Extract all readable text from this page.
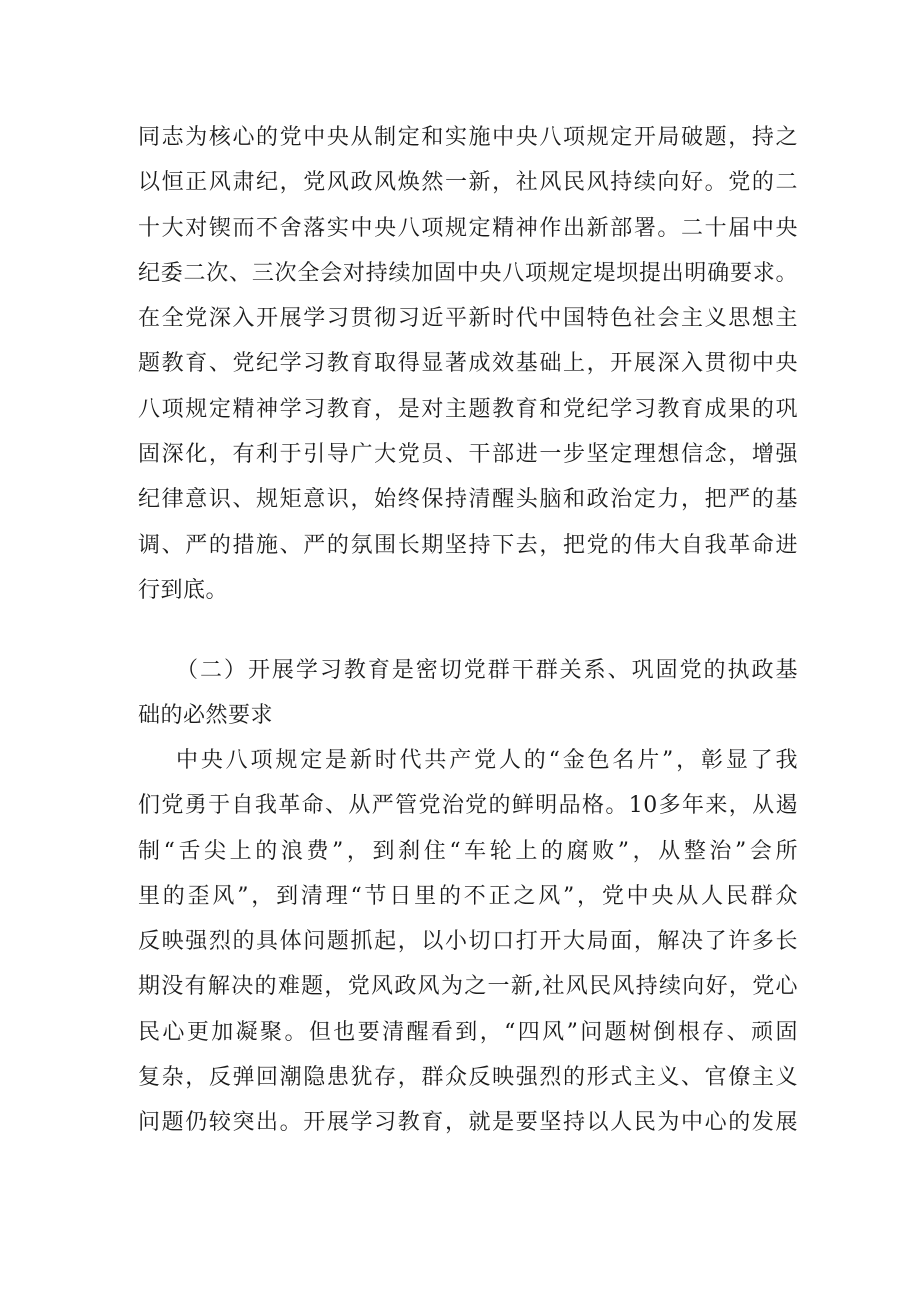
同志为核心的党中央从制定和实施中央八项规定开局破题，持之
以恒正风肃纪，党风政风焕然一新，社风民风持续向好。党的二
十大对锲而不舍落实中央八项规定精神作出新部署。二十届中央
纪委二次、三次全会对持续加固中央八项规定堤坝提出明确要求。
在全党深入开展学习贯彻习近平新时代中国特色社会主义思想主
题教育、党纪学习教育取得显著成效基础上，开展深入贯彻中央
八项规定精神学习教育，是对主题教育和党纪学习教育成果的巩
固深化，有利于引导广大党员、干部进一步坚定理想信念，增强
纪律意识、规矩意识，始终保持清醒头脑和政治定力，把严的基
调、严的措施、严的氛围长期坚持下去，把党的伟大自我革命进
行到底。
（二）开展学习教育是密切党群干群关系、巩固党的执政基
础的必然要求
中央八项规定是新时代共产党人的“金色名片”，彰显了我
们党勇于自我革命、从严管党治党的鲜明品格。10多年来，从遏
制“舌尖上的浪费”，到刹住“车轮上的腐败”，从整治”会所
里的歪风”，到清理“节日里的不正之风”，党中央从人民群众
反映强烈的具体问题抓起，以小切口打开大局面，解决了许多长
期没有解决的难题，党风政风为之一新,社风民风持续向好，党心
民心更加凝聚。但也要清醒看到，“四风”问题树倒根存、顽固
复杂，反弹回潮隐患犹存，群众反映强烈的形式主义、官僚主义
问题仍较突出。开展学习教育，就是要坚持以人民为中心的发展
